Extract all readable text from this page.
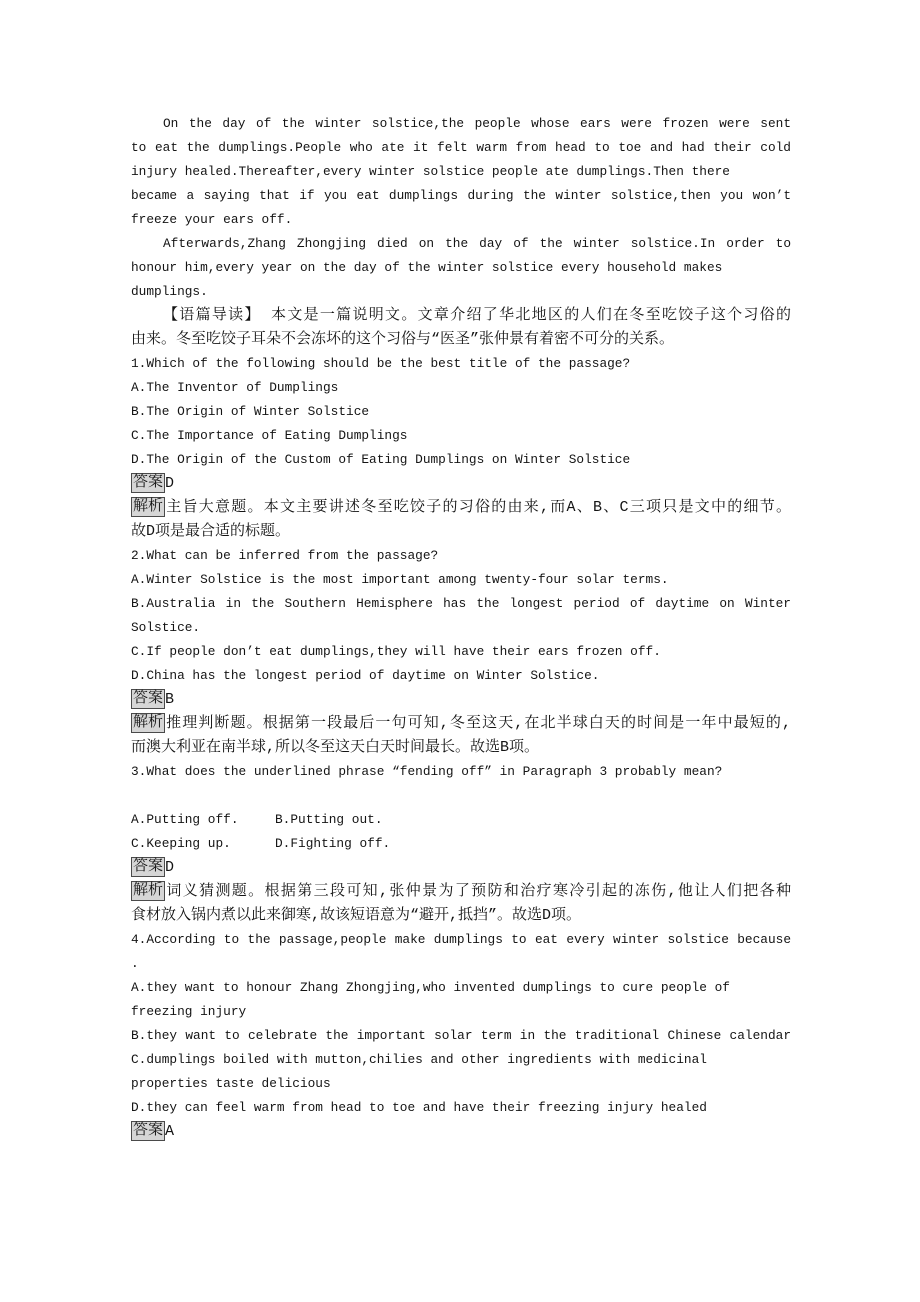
On the day of the winter solstice,the people whose ears were frozen were sent
to eat the dumplings.People who ate it felt warm from head to toe and had their cold
injury healed.Thereafter,every winter solstice people ate dumplings.Then there
became a saying that if you eat dumplings during the winter solstice,then you won’t
freeze your ears off.
Afterwards,Zhang Zhongjing died on the day of the winter solstice.In order to
honour him,every year on the day of the winter solstice every household makes
dumplings.
【语篇导读】 本文是一篇说明文。文章介绍了华北地区的人们在冬至吃饺子这个习俗的
由来。冬至吃饺子耳朵不会冻坏的这个习俗与“医圣”张仲景有着密不可分的关系。
1.Which of the following should be the best title of the passage?
A.The Inventor of Dumplings
B.The Origin of Winter Solstice
C.The Importance of Eating Dumplings
D.The Origin of the Custom of Eating Dumplings on Winter Solstice
答案 D
解析 主旨大意题。本文主要讲述冬至吃饺子的习俗的由来,而A、B、C三项只是文中的细节。
故D项是最合适的标题。
2.What can be inferred from the passage?
A.Winter Solstice is the most important among twenty-four solar terms.
B.Australia in the Southern Hemisphere has the longest period of daytime on Winter
Solstice.
C.If people don’t eat dumplings,they will have their ears frozen off.
D.China has the longest period of daytime on Winter Solstice.
答案 B
解析 推理判断题。根据第一段最后一句可知,冬至这天,在北半球白天的时间是一年中最短的,
而澳大利亚在南半球,所以冬至这天白天时间最长。故选B项。
3.What does the underlined phrase “fending off” in Paragraph 3 probably mean?
A.Putting off.	B.Putting out.
C.Keeping up.	D.Fighting off.
答案 D
解析 词义猜测题。根据第三段可知,张仲景为了预防和治疗寒冷引起的冻伤,他让人们把各种
食材放入锅内煮以此来御寒,故该短语意为“避开,抵挡”。故选D项。
4.According to the passage,people make dumplings to eat every winter solstice because
.
A.they want to honour Zhang Zhongjing,who invented dumplings to cure people of
freezing injury
B.they want to celebrate the important solar term in the traditional Chinese calendar
C.dumplings boiled with mutton,chilies and other ingredients with medicinal
properties taste delicious
D.they can feel warm from head to toe and have their freezing injury healed
答案 A
